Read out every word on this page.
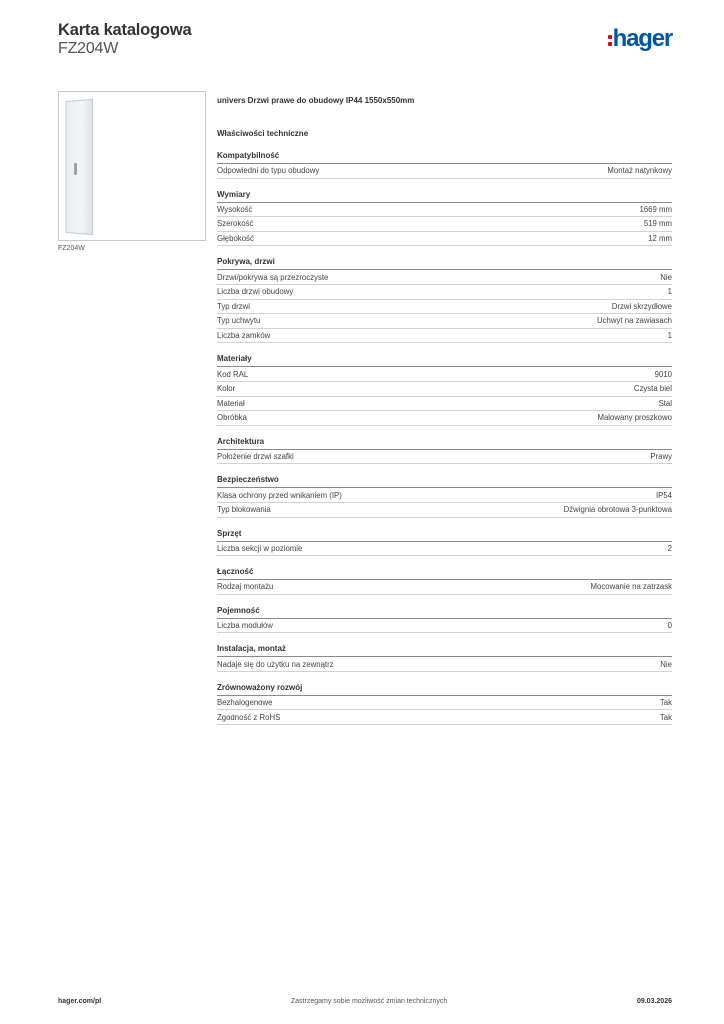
Karta katalogowa
FZ204W	hager
FZ204W
univers Drzwi prawe do obudowy IP44 1550x550mm
Właściwości techniczne
Kompatybilność
Odpowiedni do typu obudowy	Montaż natynkowy
Wymiary
Wysokość	1669 mm
Szerokość	519 mm
Głębokość	12 mm
Pokrywa, drzwi
Drzwi/pokrywa są przezroczyste	Nie
Liczba drzwi obudowy	1
Typ drzwi	Drzwi skrzydłowe
Typ uchwytu	Uchwyt na zawiasach
Liczba zamków	1
Materiały
Kod RAL	9010
Kolor	Czysta biel
Materiał	Stal
Obróbka	Malowany proszkowo
Architektura
Położenie drzwi szafki	Prawy
Bezpieczeństwo
Klasa ochrony przed wnikaniem (IP)	IP54
Typ blokowania	Dźwignia obrotowa 3-punktowa
Sprzęt
Liczba sekcji w poziomie	2
Łączność
Rodzaj montażu	Mocowanie na zatrzask
Pojemność
Liczba modułów	0
Instalacja, montaż
Nadaje się do użytku na zewnątrz	Nie
Zrównoważony rozwój
Bezhalogenowe	Tak
Zgodność z RoHS	Tak
hager.com/pl	Zastrzegamy sobie możliwość zmian technicznych	09.03.2026
